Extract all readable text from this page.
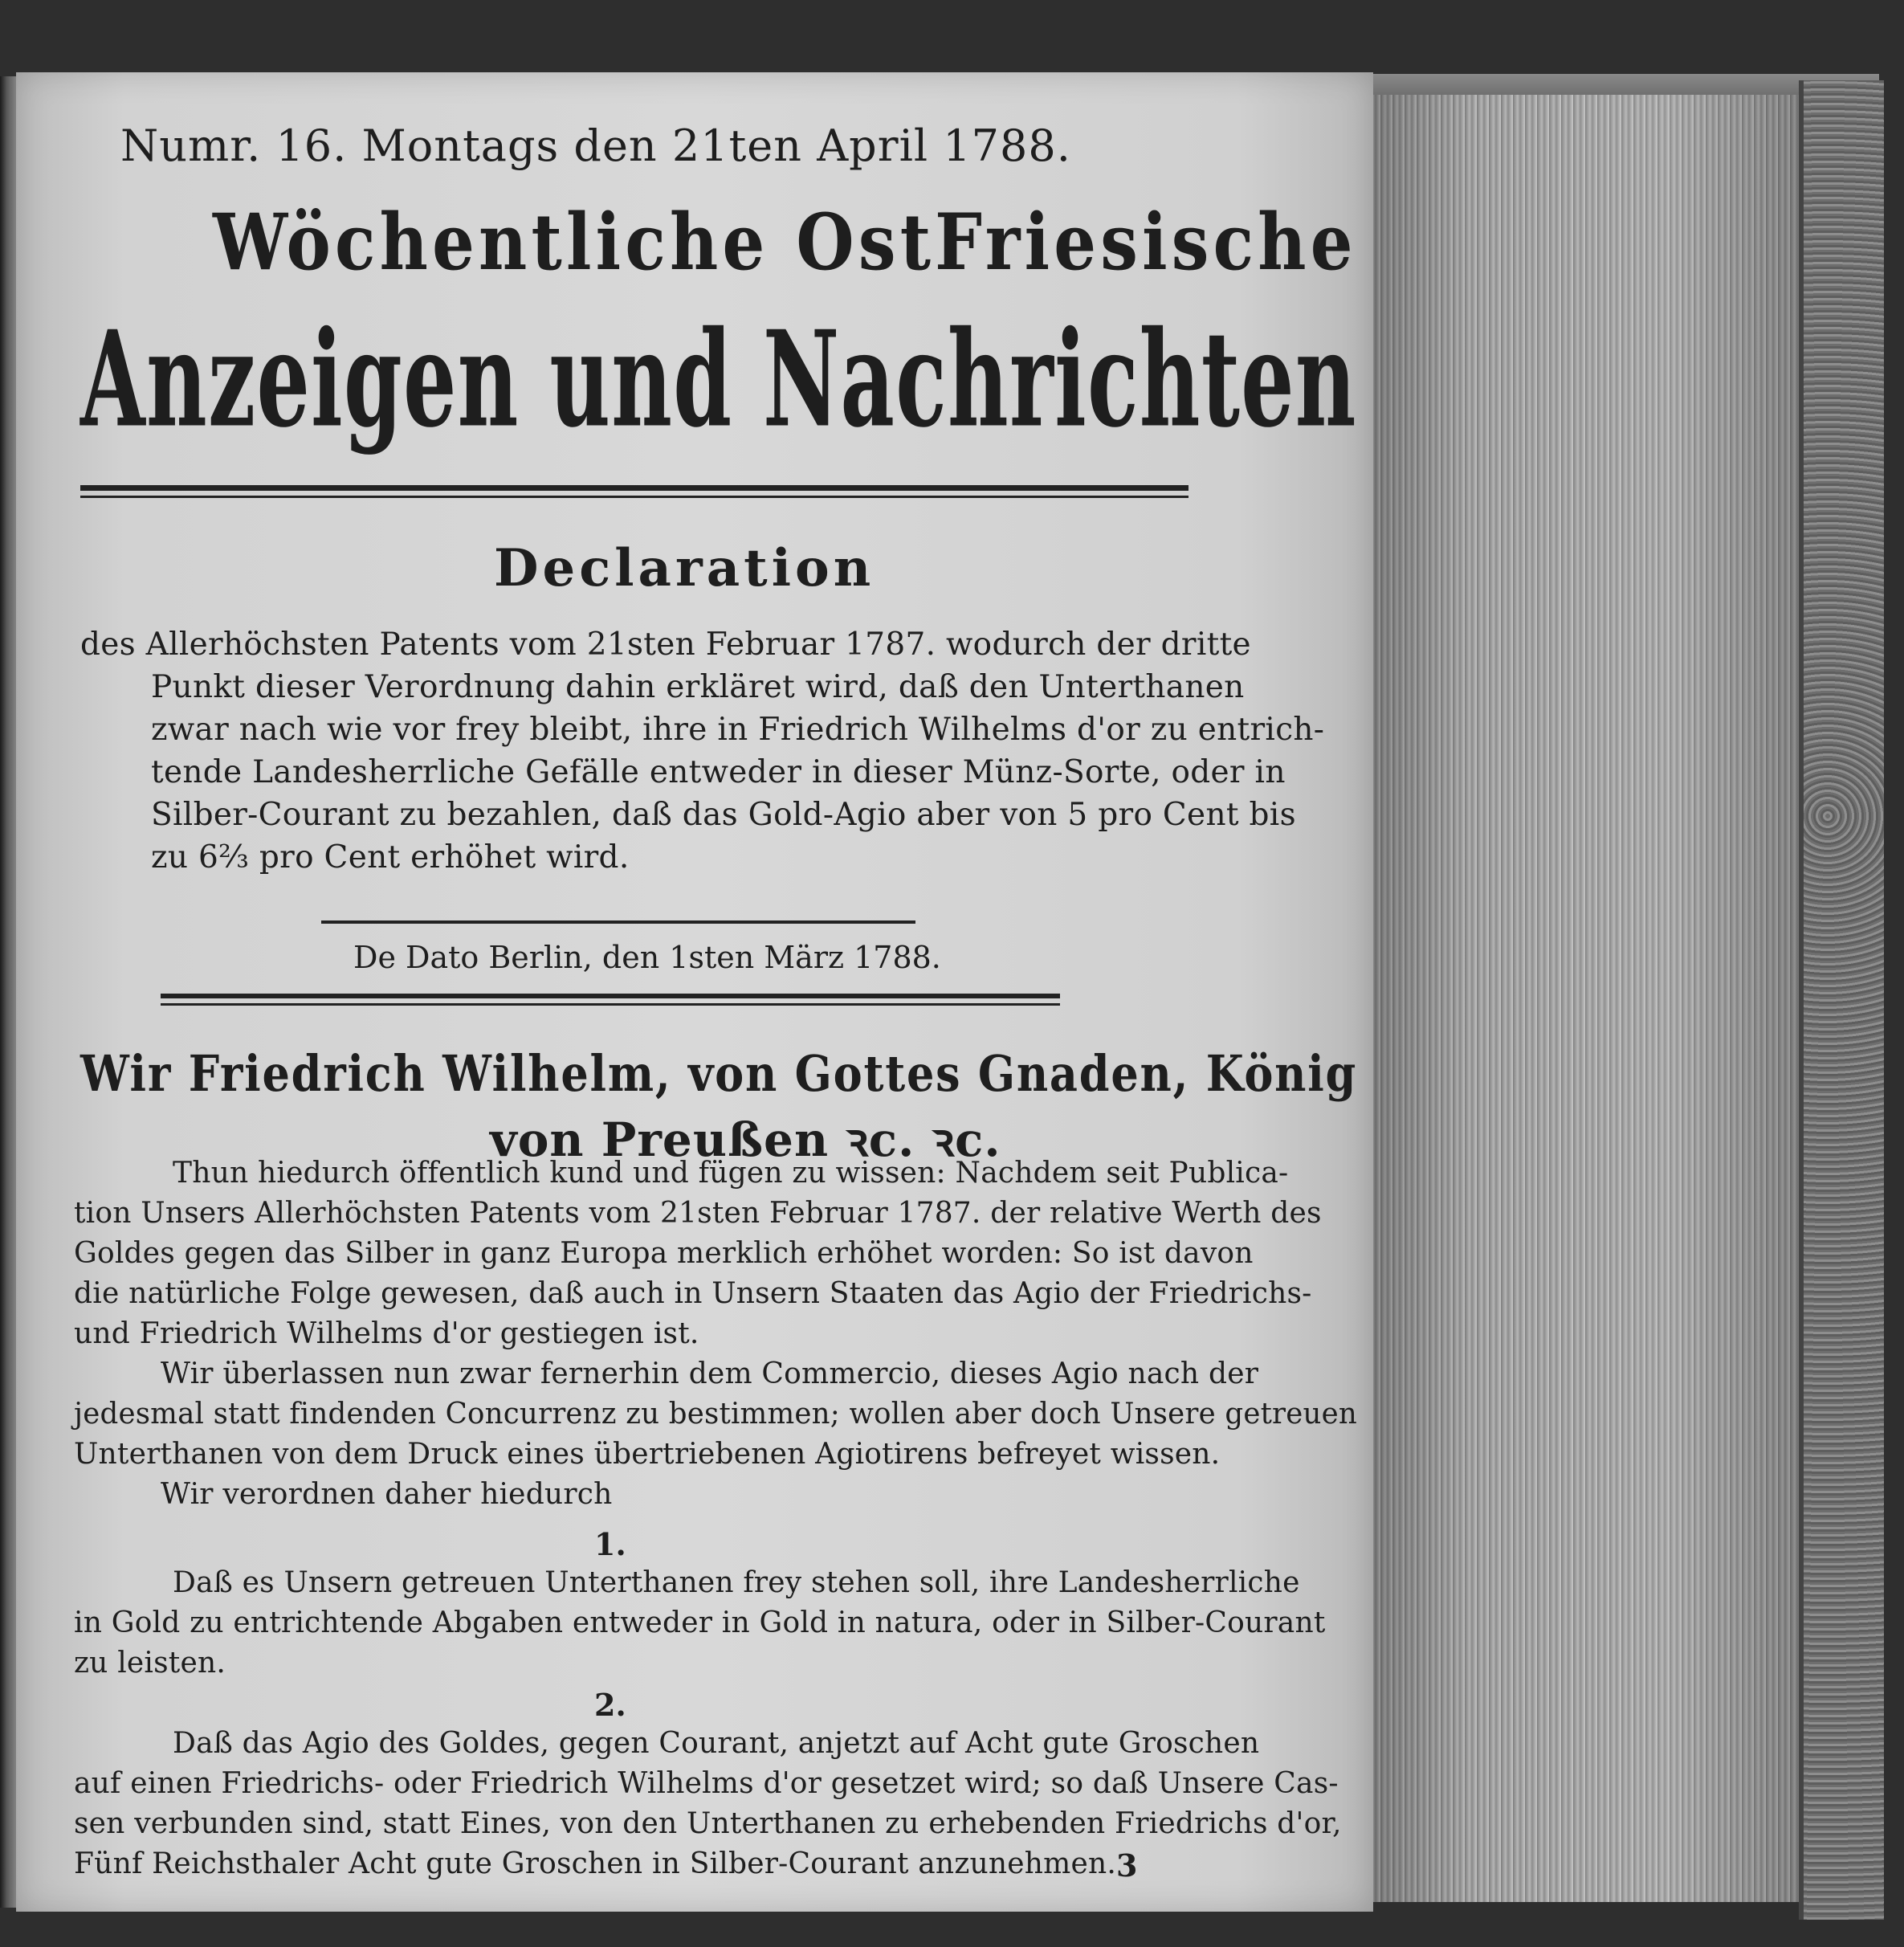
Numr. 16. Montags den 21ten April 1788.
Wöchentliche OstFriesische
Anzeigen und Nachrichten
Declaration
des Allerhöchsten Patents vom 21sten Februar 1787. wodurch der dritte
Punkt dieser Verordnung dahin erkläret wird, daß den Unterthanen
zwar nach wie vor frey bleibt, ihre in Friedrich Wilhelms d'or zu entrich-
tende Landesherrliche Gefälle entweder in dieser Münz-Sorte, oder in
Silber-Courant zu bezahlen, daß das Gold-Agio aber von 5 pro Cent bis
zu 6⅔ pro Cent erhöhet wird.
De Dato Berlin, den 1sten März 1788.
Wir Friedrich Wilhelm, von Gottes Gnaden, König
von Preußen ꝛc. ꝛc.
Thun hiedurch öffentlich kund und fügen zu wissen: Nachdem seit Publica-
tion Unsers Allerhöchsten Patents vom 21sten Februar 1787. der relative Werth des
Goldes gegen das Silber in ganz Europa merklich erhöhet worden: So ist davon
die natürliche Folge gewesen, daß auch in Unsern Staaten das Agio der Friedrichs-
und Friedrich Wilhelms d'or gestiegen ist.
Wir überlassen nun zwar fernerhin dem Commercio, dieses Agio nach der
jedesmal statt findenden Concurrenz zu bestimmen; wollen aber doch Unsere getreuen
Unterthanen von dem Druck eines übertriebenen Agiotirens befreyet wissen.
Wir verordnen daher hiedurch
1.
Daß es Unsern getreuen Unterthanen frey stehen soll, ihre Landesherrliche
in Gold zu entrichtende Abgaben entweder in Gold in natura, oder in Silber-Courant
zu leisten.
2.
Daß das Agio des Goldes, gegen Courant, anjetzt auf Acht gute Groschen
auf einen Friedrichs- oder Friedrich Wilhelms d'or gesetzet wird; so daß Unsere Cas-
sen verbunden sind, statt Eines, von den Unterthanen zu erhebenden Friedrichs d'or,
Fünf Reichsthaler Acht gute Groschen in Silber-Courant anzunehmen. 3
